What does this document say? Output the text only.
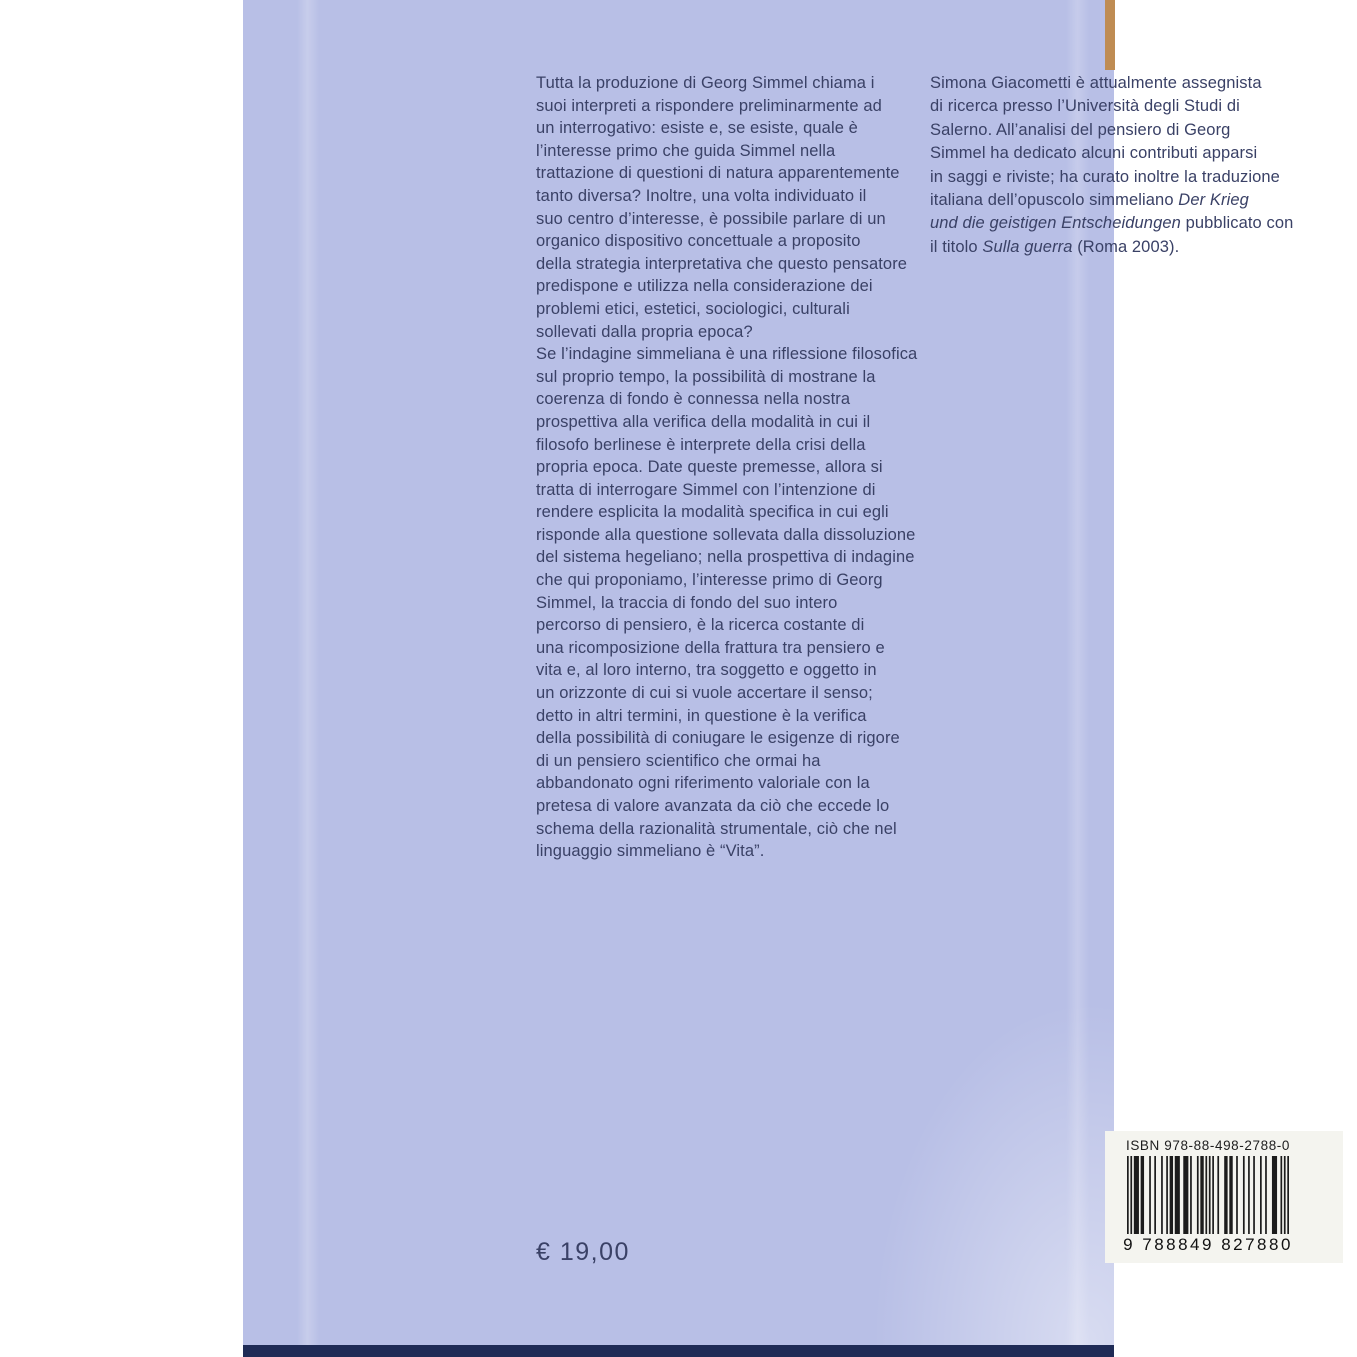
Tutta la produzione di Georg Simmel chiama i
suoi interpreti a rispondere preliminarmente ad
un interrogativo: esiste e, se esiste, quale è
l’interesse primo che guida Simmel nella
trattazione di questioni di natura apparentemente
tanto diversa? Inoltre, una volta individuato il
suo centro d’interesse, è possibile parlare di un
organico dispositivo concettuale a proposito
della strategia interpretativa che questo pensatore
predispone e utilizza nella considerazione dei
problemi etici, estetici, sociologici, culturali
sollevati dalla propria epoca?
Se l’indagine simmeliana è una riflessione filosofica
sul proprio tempo, la possibilità di mostrane la
coerenza di fondo è connessa nella nostra
prospettiva alla verifica della modalità in cui il
filosofo berlinese è interprete della crisi della
propria epoca. Date queste premesse, allora si
tratta di interrogare Simmel con l’intenzione di
rendere esplicita la modalità specifica in cui egli
risponde alla questione sollevata dalla dissoluzione
del sistema hegeliano; nella prospettiva di indagine
che qui proponiamo, l’interesse primo di Georg
Simmel, la traccia di fondo del suo intero
percorso di pensiero, è la ricerca costante di
una ricomposizione della frattura tra pensiero e
vita e, al loro interno, tra soggetto e oggetto in
un orizzonte di cui si vuole accertare il senso;
detto in altri termini, in questione è la verifica
della possibilità di coniugare le esigenze di rigore
di un pensiero scientifico che ormai ha
abbandonato ogni riferimento valoriale con la
pretesa di valore avanzata da ciò che eccede lo
schema della razionalità strumentale, ciò che nel
linguaggio simmeliano è “Vita”.
Simona Giacometti è attualmente assegnista
di ricerca presso l’Università degli Studi di
Salerno. All’analisi del pensiero di Georg
Simmel ha dedicato alcuni contributi apparsi
in saggi e riviste; ha curato inoltre la traduzione
italiana dell’opuscolo simmeliano Der Krieg
und die geistigen Entscheidungen pubblicato con
il titolo Sulla guerra (Roma 2003).
€ 19,00
ISBN 978-88-498-2788-0
9 788849 827880
